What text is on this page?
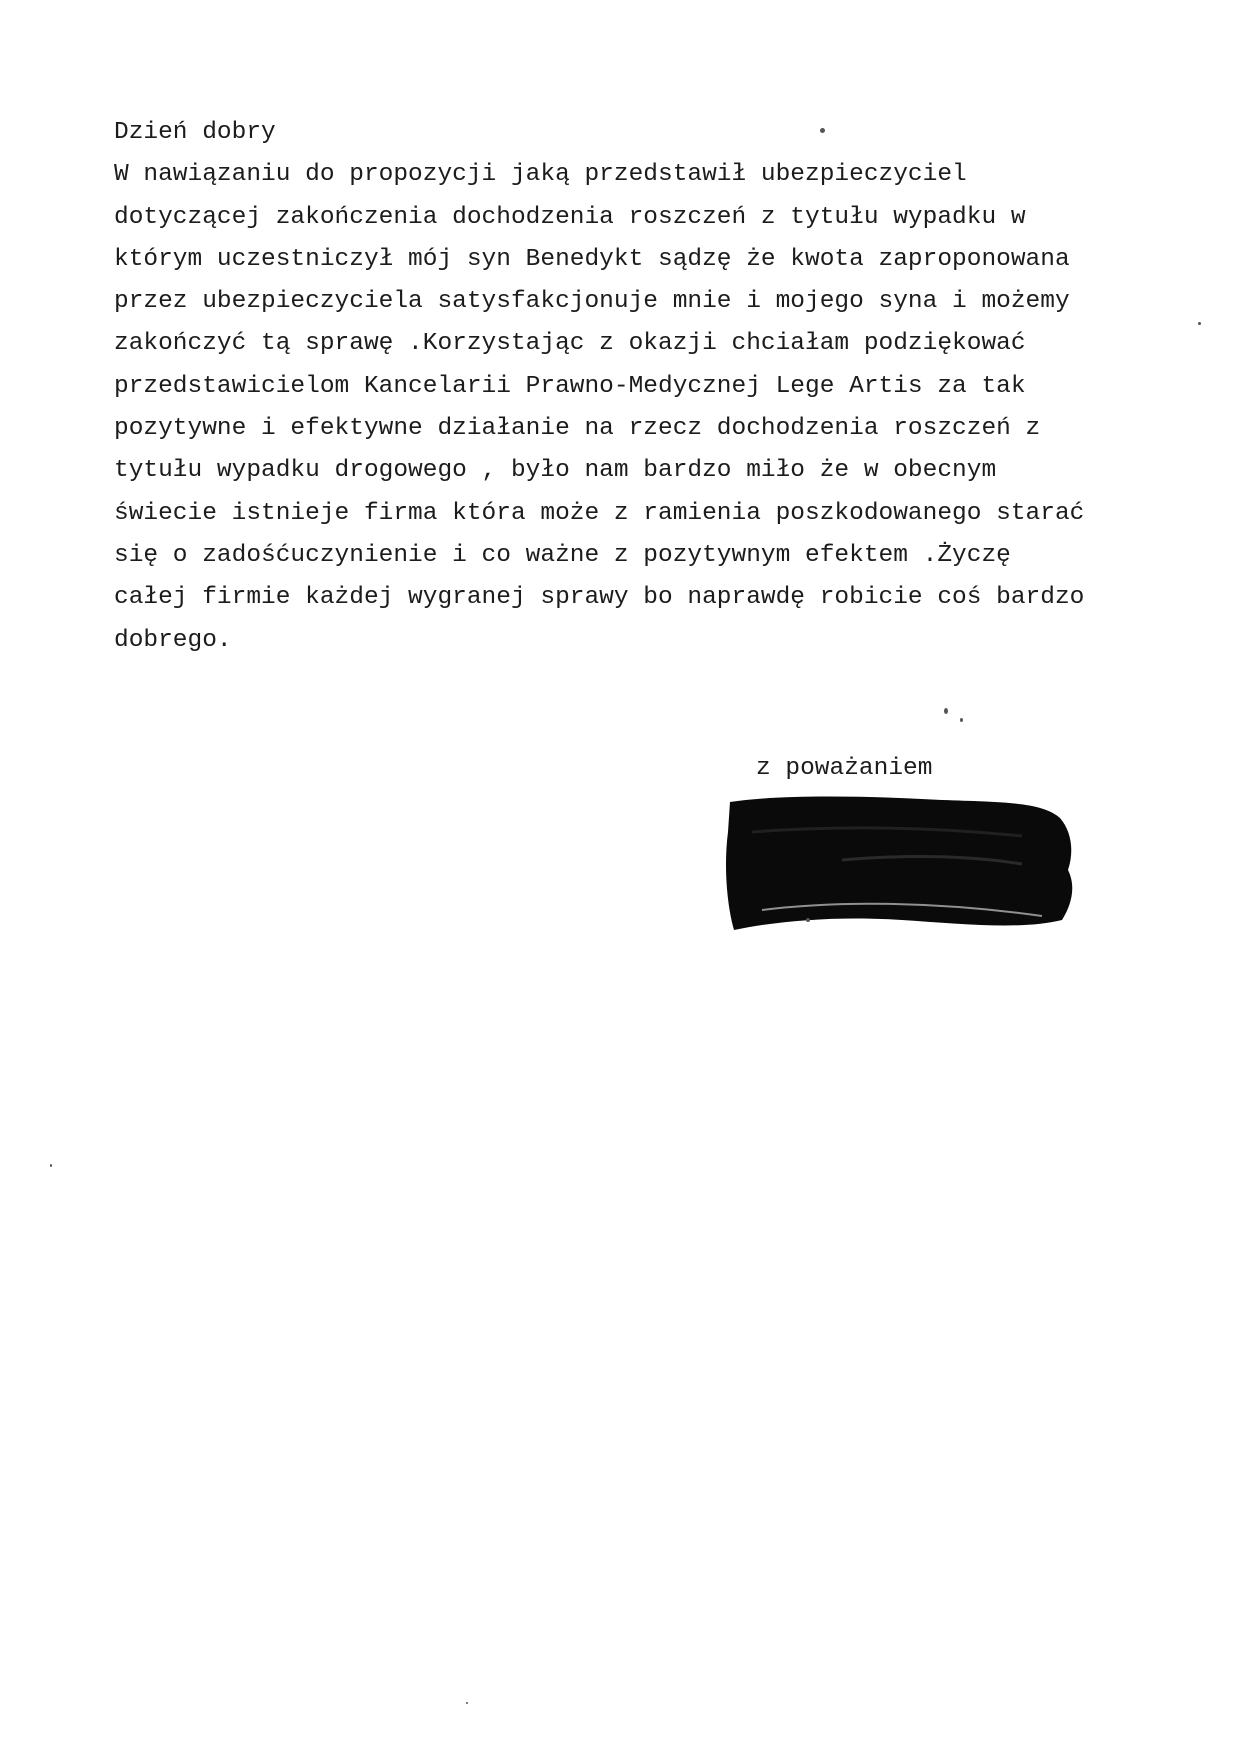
Dzień dobry
W nawiązaniu do propozycji jaką przedstawił ubezpieczyciel
dotyczącej zakończenia dochodzenia roszczeń z tytułu wypadku w
którym uczestniczył mój syn Benedykt sądzę że kwota zaproponowana
przez ubezpieczyciela satysfakcjonuje mnie i mojego syna i możemy
zakończyć tą sprawę .Korzystając z okazji chciałam podziękować
przedstawicielom Kancelarii Prawno-Medycznej Lege Artis za tak
pozytywne i efektywne działanie na rzecz dochodzenia roszczeń z
tytułu wypadku drogowego , było nam bardzo miło że w obecnym
świecie istnieje firma która może z ramienia poszkodowanego starać
się o zadośćuczynienie i co ważne z pozytywnym efektem .Życzę
całej firmie każdej wygranej sprawy bo naprawdę robicie coś bardzo
dobrego.
z poważaniem
